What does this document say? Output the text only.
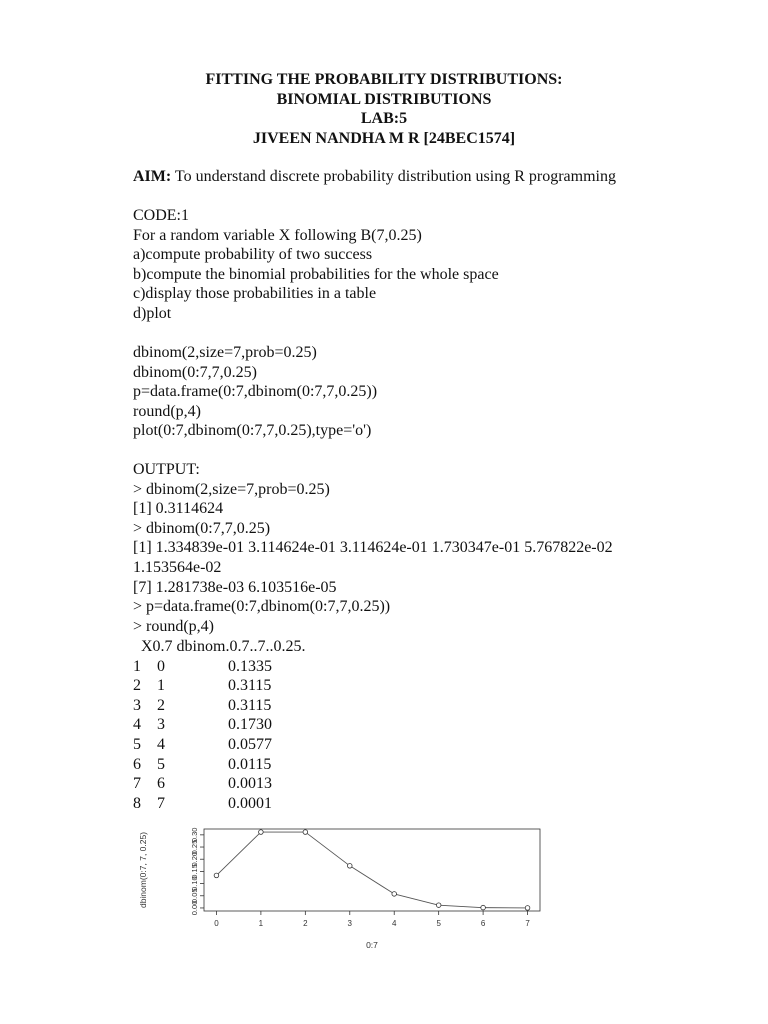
FITTING THE PROBABILITY DISTRIBUTIONS:
BINOMIAL DISTRIBUTIONS
LAB:5
JIVEEN NANDHA M R [24BEC1574]
AIM: To understand discrete probability distribution using R programming
CODE:1
For a random variable X following B(7,0.25)
a)compute probability of two success
b)compute the binomial probabilities for the whole space
c)display those probabilities in a table
d)plot
dbinom(2,size=7,prob=0.25)
dbinom(0:7,7,0.25)
p=data.frame(0:7,dbinom(0:7,7,0.25))
round(p,4)
plot(0:7,dbinom(0:7,7,0.25),type='o')
OUTPUT:
> dbinom(2,size=7,prob=0.25)
[1] 0.3114624
> dbinom(0:7,7,0.25)
[1] 1.334839e-01 3.114624e-01 3.114624e-01 1.730347e-01 5.767822e-02
1.153564e-02
[7] 1.281738e-03 6.103516e-05
> p=data.frame(0:7,dbinom(0:7,7,0.25))
> round(p,4)
X0.7 dbinom.0.7..7..0.25.
1 0	0.1335
2 1	0.3115
3 2	0.3115
4 3	0.1730
5 4	0.0577
6 5	0.0115
7 6	0.0013
8 7	0.0001
dbinom(0:7, 7, 0.25)
0:7
0	1	2	3	4	5	6	7
0.00
0.05
0.10
0.15
0.20
0.25
0.30
